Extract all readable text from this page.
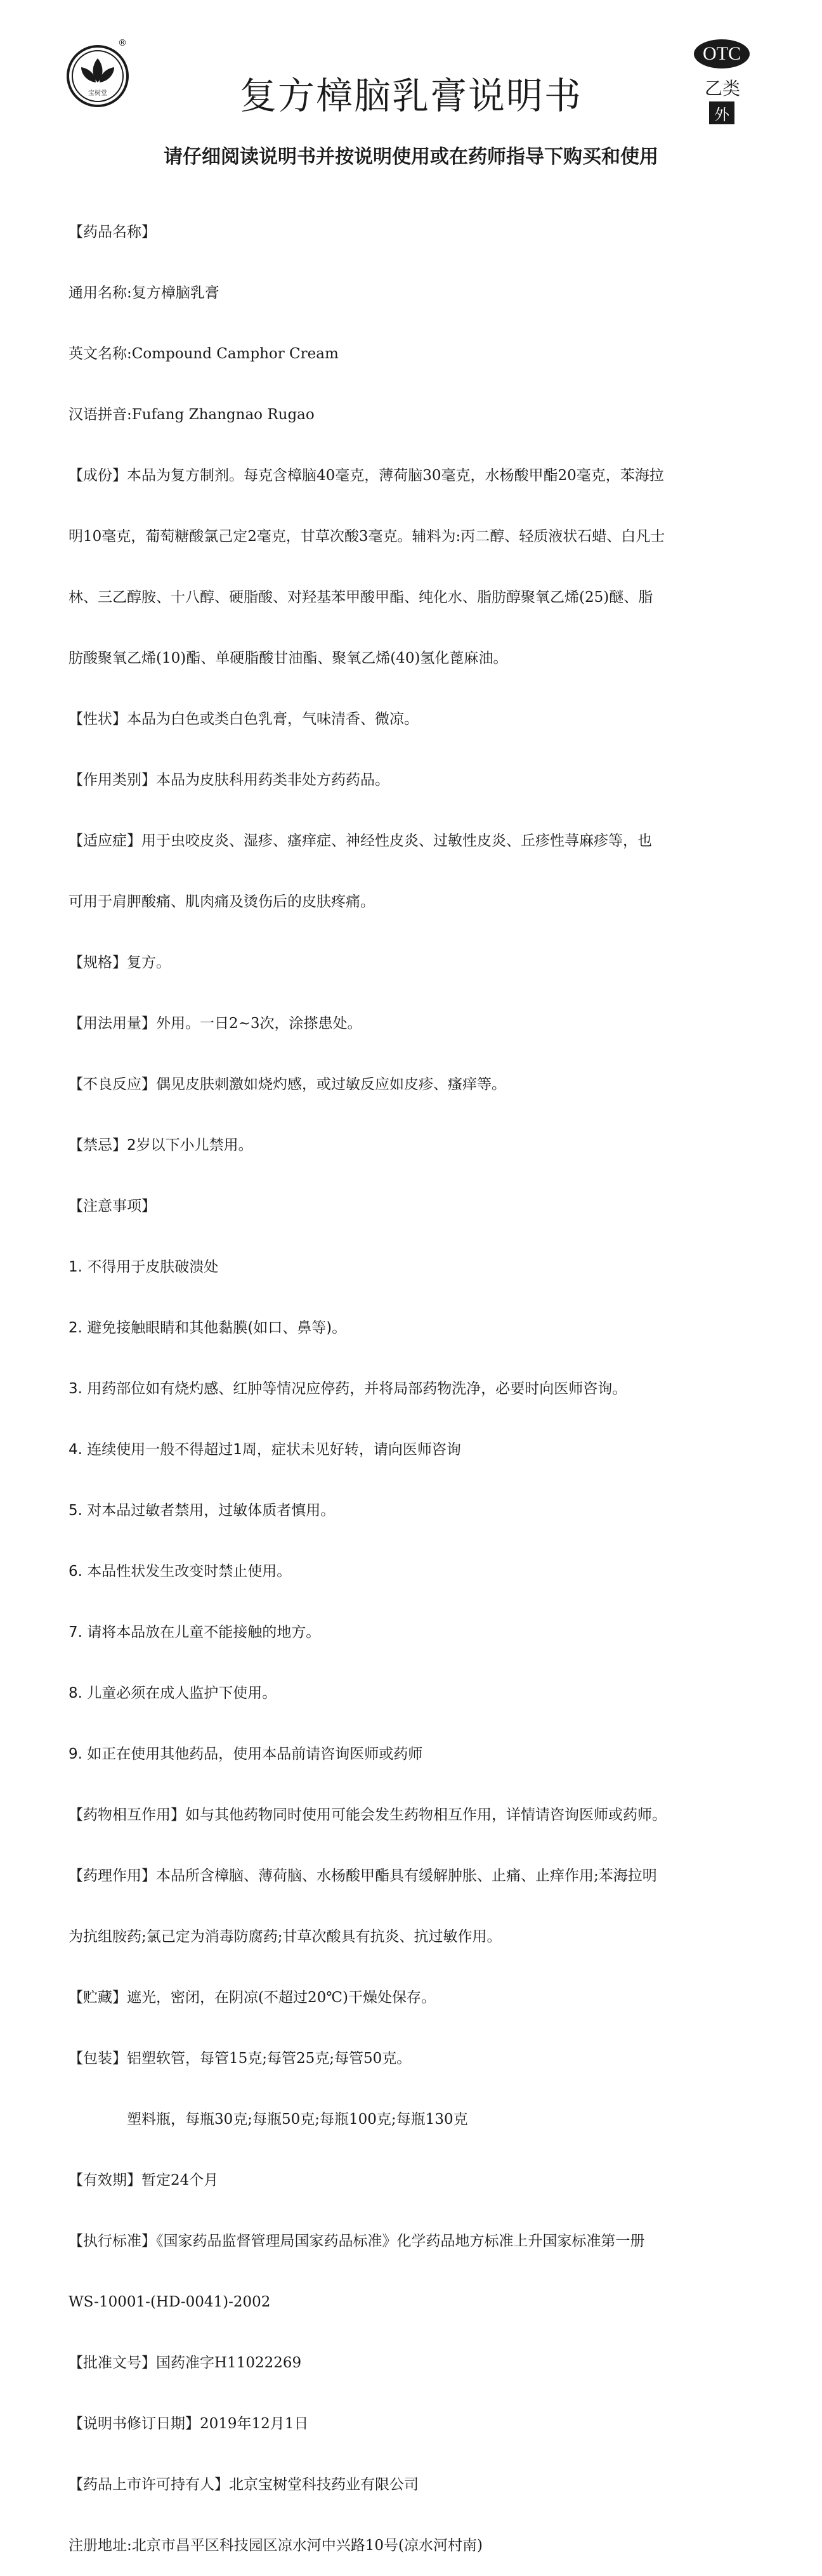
宝树堂
®
复方樟脑乳膏说明书
OTC
乙类
外
请仔细阅读说明书并按说明使用或在药师指导下购买和使用

【药品名称】

通用名称:复方樟脑乳膏

英文名称:Compound Camphor Cream

汉语拼音:Fufang Zhangnao Rugao

【成份】本品为复方制剂。每克含樟脑40毫克，薄荷脑30毫克，水杨酸甲酯20毫克，苯海拉

明10毫克，葡萄糖酸氯己定2毫克，甘草次酸3毫克。辅料为:丙二醇、轻质液状石蜡、白凡士

林、三乙醇胺、十八醇、硬脂酸、对羟基苯甲酸甲酯、纯化水、脂肪醇聚氧乙烯(25)醚、脂

肪酸聚氧乙烯(10)酯、单硬脂酸甘油酯、聚氧乙烯(40)氢化蓖麻油。

【性状】本品为白色或类白色乳膏，气味清香、微凉。

【作用类别】本品为皮肤科用药类非处方药药品。

【适应症】用于虫咬皮炎、湿疹、瘙痒症、神经性皮炎、过敏性皮炎、丘疹性荨麻疹等，也

可用于肩胛酸痛、肌肉痛及烫伤后的皮肤疼痛。

【规格】复方。

【用法用量】外用。一日2~3次，涂搽患处。

【不良反应】偶见皮肤刺激如烧灼感，或过敏反应如皮疹、瘙痒等。

【禁忌】2岁以下小儿禁用。

【注意事项】

1. 不得用于皮肤破溃处

2. 避免接触眼睛和其他黏膜(如口、鼻等)。

3. 用药部位如有烧灼感、红肿等情况应停药，并将局部药物洗净，必要时向医师咨询。

4. 连续使用一般不得超过1周，症状未见好转，请向医师咨询

5. 对本品过敏者禁用，过敏体质者慎用。

6. 本品性状发生改变时禁止使用。

7. 请将本品放在儿童不能接触的地方。

8. 儿童必须在成人监护下使用。

9. 如正在使用其他药品，使用本品前请咨询医师或药师

【药物相互作用】如与其他药物同时使用可能会发生药物相互作用，详情请咨询医师或药师。

【药理作用】本品所含樟脑、薄荷脑、水杨酸甲酯具有缓解肿胀、止痛、止痒作用;苯海拉明

为抗组胺药;氯己定为消毒防腐药;甘草次酸具有抗炎、抗过敏作用。

【贮藏】遮光，密闭，在阴凉(不超过20℃)干燥处保存。

【包装】铝塑软管，每管15克;每管25克;每管50克。

　　　　塑料瓶，每瓶30克;每瓶50克;每瓶100克;每瓶130克

【有效期】暂定24个月

【执行标准】《国家药品监督管理局国家药品标准》化学药品地方标准上升国家标准第一册

WS-10001-(HD-0041)-2002

【批准文号】国药准字H11022269

【说明书修订日期】2019年12月1日

【药品上市许可持有人】北京宝树堂科技药业有限公司

注册地址:北京市昌平区科技园区凉水河中兴路10号(凉水河村南)
